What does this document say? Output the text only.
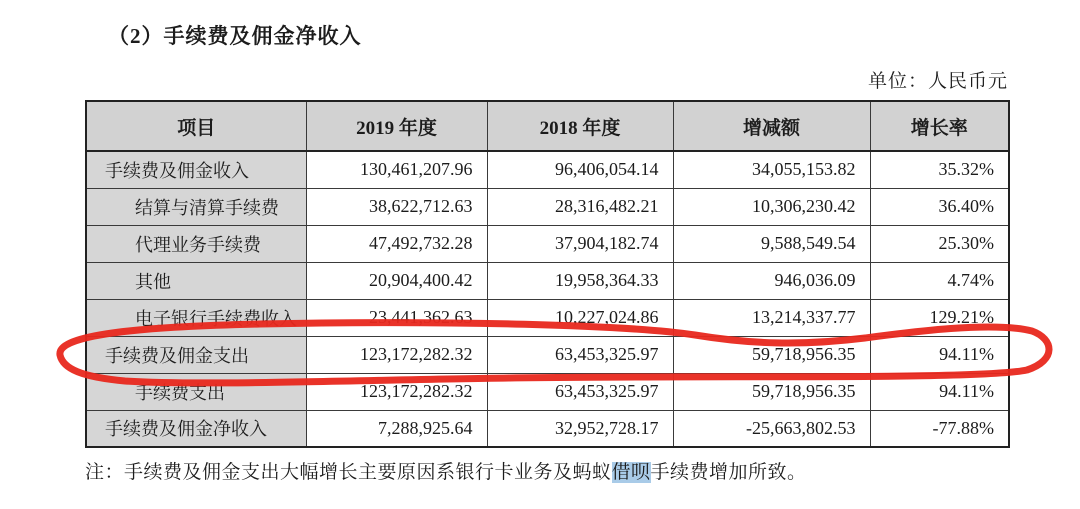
（2）手续费及佣金净收入
单位：人民币元
项目	2019 年度	2018 年度	增减额	增长率
手续费及佣金收入	130,461,207.96	96,406,054.14	34,055,153.82	35.32%
结算与清算手续费	38,622,712.63	28,316,482.21	10,306,230.42	36.40%
代理业务手续费	47,492,732.28	37,904,182.74	9,588,549.54	25.30%
其他	20,904,400.42	19,958,364.33	946,036.09	4.74%
电子银行手续费收入	23,441,362.63	10,227,024.86	13,214,337.77	129.21%
手续费及佣金支出	123,172,282.32	63,453,325.97	59,718,956.35	94.11%
手续费支出	123,172,282.32	63,453,325.97	59,718,956.35	94.11%
手续费及佣金净收入	7,288,925.64	32,952,728.17	-25,663,802.53	-77.88%
注：手续费及佣金支出大幅增长主要原因系银行卡业务及蚂蚁借呗手续费增加所致。
